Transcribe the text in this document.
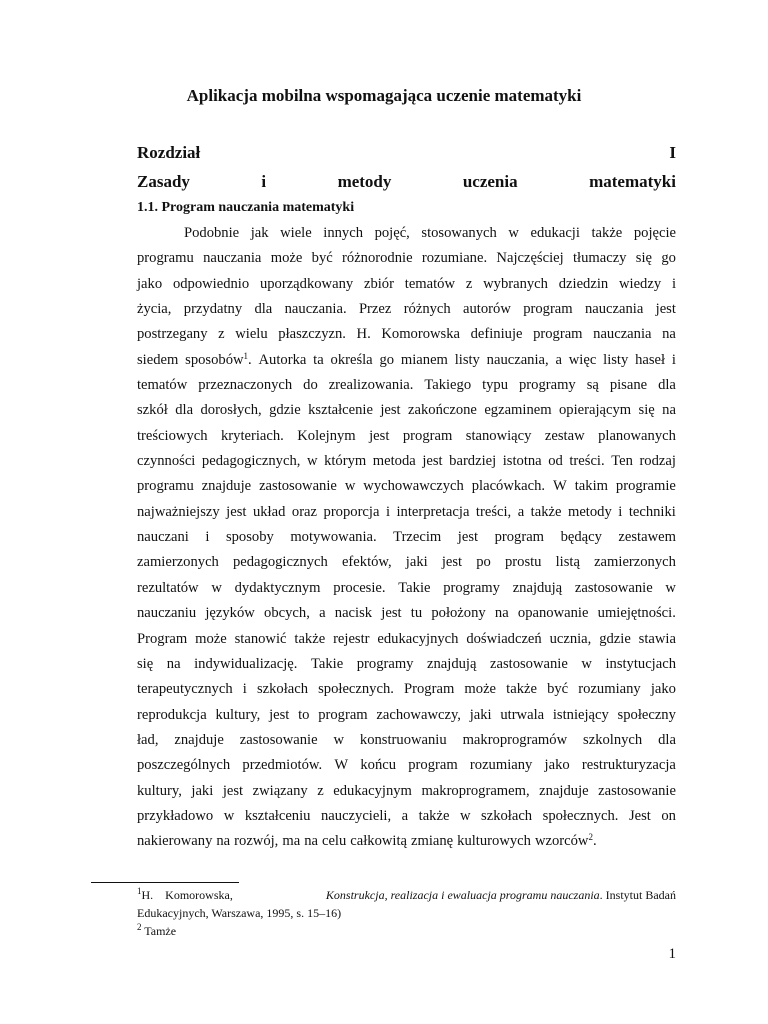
Aplikacja mobilna wspomagająca uczenie matematyki
Rozdział	I
Zasady	i	metody	uczenia	matematyki
1.1. Program nauczania matematyki
Podobnie jak wiele innych pojęć, stosowanych w edukacji także pojęcie
programu nauczania może być różnorodnie rozumiane. Najczęściej tłumaczy się go
jako odpowiednio uporządkowany zbiór tematów z wybranych dziedzin wiedzy i
życia, przydatny dla nauczania. Przez różnych autorów program nauczania jest
postrzegany z wielu płaszczyzn. H. Komorowska definiuje program nauczania na
siedem sposobów$^1$. Autorka ta określa go mianem listy nauczania, a więc listy haseł i
tematów przeznaczonych do zrealizowania. Takiego typu programy są pisane dla
szkół dla dorosłych, gdzie kształcenie jest zakończone egzaminem opierającym się na
treściowych kryteriach. Kolejnym jest program stanowiący zestaw planowanych
czynności pedagogicznych, w którym metoda jest bardziej istotna od treści. Ten rodzaj
programu znajduje zastosowanie w wychowawczych placówkach. W takim programie
najważniejszy jest układ oraz proporcja i interpretacja treści, a także metody i techniki
nauczani i sposoby motywowania. Trzecim jest program będący zestawem
zamierzonych pedagogicznych efektów, jaki jest po prostu listą zamierzonych
rezultatów w dydaktycznym procesie. Takie programy znajdują zastosowanie w
nauczaniu języków obcych, a nacisk jest tu położony na opanowanie umiejętności.
Program może stanowić także rejestr edukacyjnych doświadczeń ucznia, gdzie stawia
się na indywidualizację. Takie programy znajdują zastosowanie w instytucjach
terapeutycznych i szkołach społecznych. Program może także być rozumiany jako
reprodukcja kultury, jest to program zachowawczy, jaki utrwala istniejący społeczny
ład, znajduje zastosowanie w konstruowaniu makroprogramów szkolnych dla
poszczególnych przedmiotów. W końcu program rozumiany jako restrukturyzacja
kultury, jaki jest związany z edukacyjnym makroprogramem, znajduje zastosowanie
przykładowo w kształceniu nauczycieli, a także w szkołach społecznych. Jest on
nakierowany na rozwój, ma na celu całkowitą zmianę kulturowych wzorców$^2$.
$^1$H.    Komorowska,	Konstrukcja, realizacja i ewaluacja programu nauczania. Instytut Badań
Edukacyjnych, Warszawa, 1995, s. 15–16)
$^2$ Tamże
1
